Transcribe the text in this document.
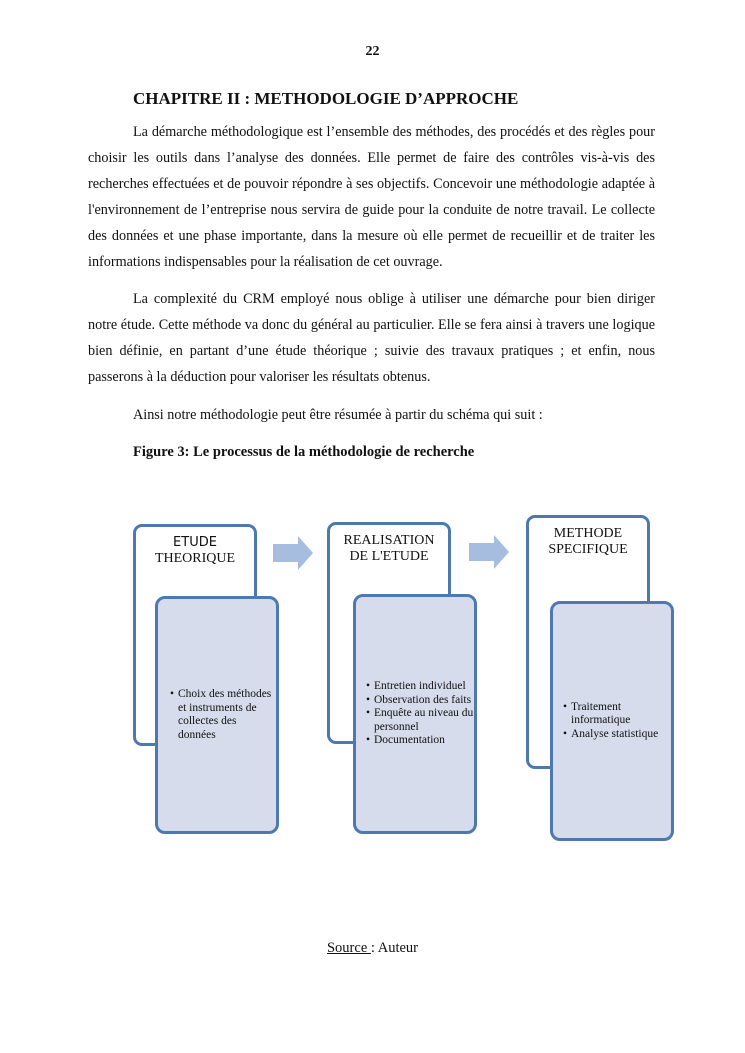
22
CHAPITRE II : METHODOLOGIE D’APPROCHE

La démarche méthodologique est l’ensemble des méthodes, des procédés et des règles pour choisir les outils dans l’analyse des données. Elle permet de faire des contrôles vis-à-vis des recherches effectuées et de pouvoir répondre à ses objectifs. Concevoir une méthodologie adaptée à l'environnement de l’entreprise nous servira de guide pour la conduite de notre travail. Le collecte des données et une phase importante, dans la mesure où elle permet de recueillir et de traiter les informations indispensables pour la réalisation de cet ouvrage.

La complexité du CRM employé nous oblige à utiliser une démarche pour bien diriger notre étude. Cette méthode va donc du général au particulier. Elle se fera ainsi à travers une logique bien définie, en partant d’une étude théorique ; suivie des travaux pratiques ; et enfin, nous passerons à la déduction pour valoriser les résultats obtenus.

Ainsi notre méthodologie peut être résumée à partir du schéma qui suit :

Figure 3: Le processus de la méthodologie de recherche
ETUDE
THEORIQUE
• Choix des méthodes et instruments de collectes des données
REALISATION
DE L'ETUDE
• Entretien individuel
• Observation des faits
• Enquête au niveau du personnel
• Documentation
METHODE
SPECIFIQUE
• Traitement informatique
• Analyse statistique
Source : Auteur
